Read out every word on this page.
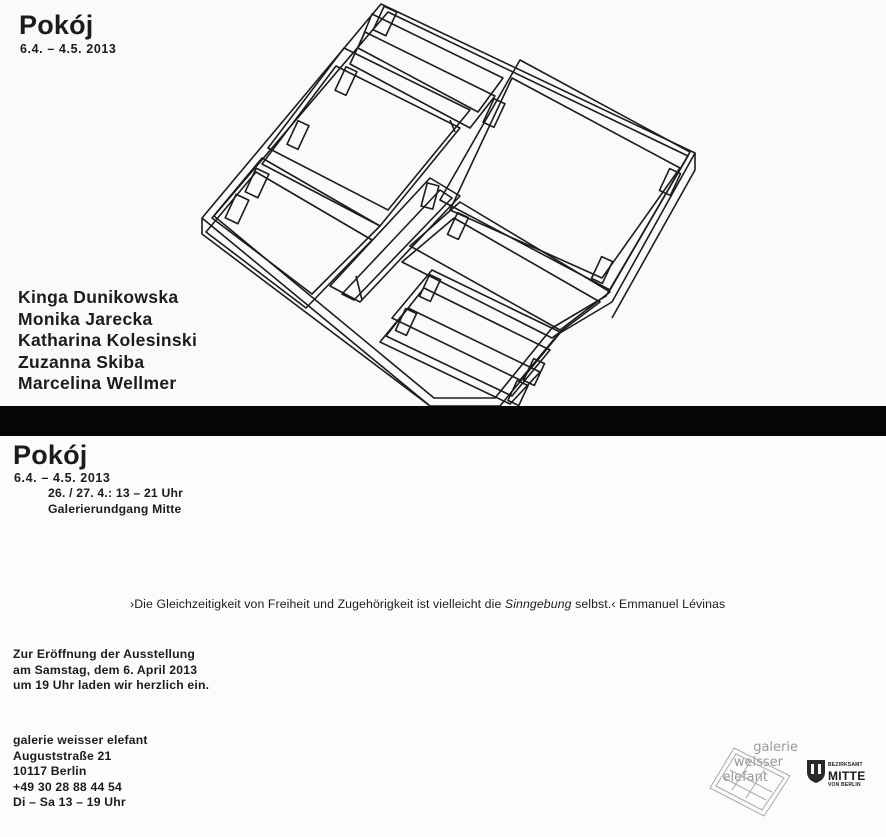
Pokój
6.4. – 4.5. 2013
Kinga Dunikowska
Monika Jarecka
Katharina Kolesinski
Zuzanna Skiba
Marcelina Wellmer
Pokój
6.4. – 4.5. 2013
26. / 27. 4.: 13 – 21 Uhr
Galerierundgang Mitte
›Die Gleichzeitigkeit von Freiheit und Zugehörigkeit ist vielleicht die Sinngebung selbst.‹ Emmanuel Lévinas
Zur Eröffnung der Ausstellung
am Samstag, dem 6. April 2013
um 19 Uhr laden wir herzlich ein.
galerie weisser elefant
Auguststraße 21
10117 Berlin
+49 30 28 88 44 54
Di – Sa 13 – 19 Uhr
galerie
weisser
elefant
BEZIRKSAMT
MITTE
VON BERLIN
